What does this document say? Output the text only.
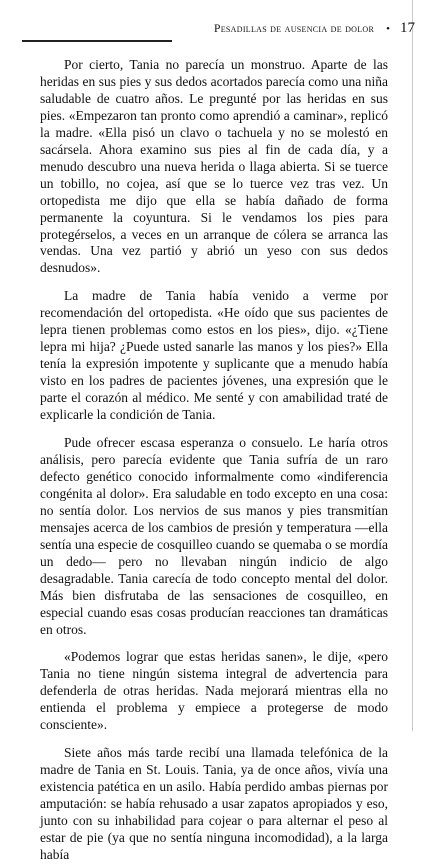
Pesadillas de ausencia de dolor • 17

Por cierto, Tania no parecía un monstruo. Aparte de las heridas en sus pies y sus dedos acortados parecía como una niña saludable de cuatro años. Le pregunté por las heridas en sus pies. «Empezaron tan pronto como aprendió a caminar», replicó la madre. «Ella pisó un clavo o tachuela y no se molestó en sacársela. Ahora examino sus pies al fin de cada día, y a menudo descubro una nueva herida o llaga abierta. Si se tuerce un tobillo, no cojea, así que se lo tuerce vez tras vez. Un ortopedista me dijo que ella se había dañado de forma permanente la coyuntura. Si le vendamos los pies para protegérselos, a veces en un arranque de cólera se arranca las vendas. Una vez partió y abrió un yeso con sus dedos desnudos».

La madre de Tania había venido a verme por recomendación del ortopedista. «He oído que sus pacientes de lepra tienen problemas como estos en los pies», dijo. «¿Tiene lepra mi hija? ¿Puede usted sanarle las manos y los pies?» Ella tenía la expresión impotente y suplicante que a menudo había visto en los padres de pacientes jóvenes, una expresión que le parte el corazón al médico. Me senté y con amabilidad traté de explicarle la condición de Tania.

Pude ofrecer escasa esperanza o consuelo. Le haría otros análisis, pero parecía evidente que Tania sufría de un raro defecto genético conocido informalmente como «indiferencia congénita al dolor». Era saludable en todo excepto en una cosa: no sentía dolor. Los nervios de sus manos y pies transmitían mensajes acerca de los cambios de presión y temperatura —ella sentía una especie de cosquilleo cuando se quemaba o se mordía un dedo— pero no llevaban ningún indicio de algo desagradable. Tania carecía de todo concepto mental del dolor. Más bien disfrutaba de las sensaciones de cosquilleo, en especial cuando esas cosas producían reacciones tan dramáticas en otros.

«Podemos lograr que estas heridas sanen», le dije, «pero Tania no tiene ningún sistema integral de advertencia para defenderla de otras heridas. Nada mejorará mientras ella no entienda el problema y empiece a protegerse de modo consciente».

Siete años más tarde recibí una llamada telefónica de la madre de Tania en St. Louis. Tania, ya de once años, vivía una existencia patética en un asilo. Había perdido ambas piernas por amputación: se había rehusado a usar zapatos apropiados y eso, junto con su inhabilidad para cojear o para alternar el peso al estar de pie (ya que no sentía ninguna incomodidad), a la larga había
